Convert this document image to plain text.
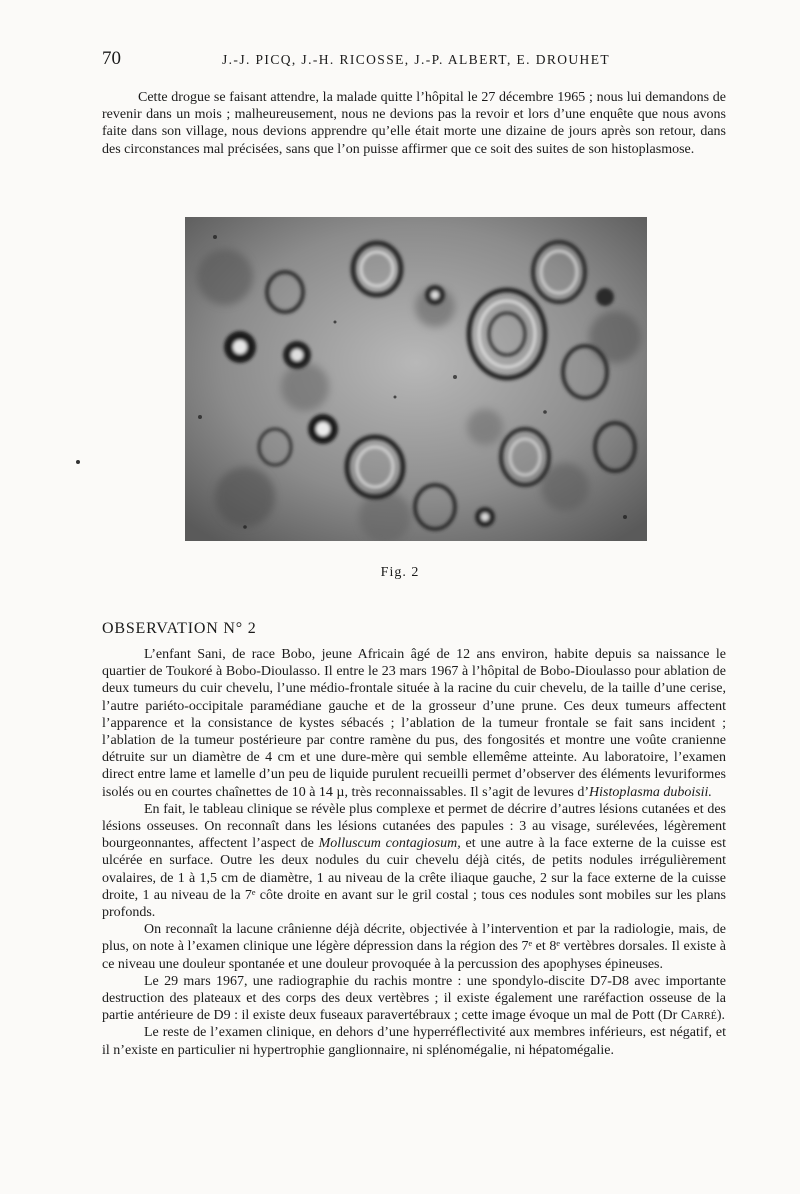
70	J.-J. PICQ, J.-H. RICOSSE, J.-P. ALBERT, E. DROUHET

Cette drogue se faisant attendre, la malade quitte l’hôpital le 27 décembre 1965 ; nous lui demandons de revenir dans un mois ; malheureusement, nous ne devions pas la revoir et lors d’une enquête que nous avons faite dans son village, nous devions apprendre qu’elle était morte une dizaine de jours après son retour, dans des circonstances mal précisées, sans que l’on puisse affirmer que ce soit des suites de son histoplasmose.

Fig. 2
OBSERVATION N° 2

L’enfant Sani, de race Bobo, jeune Africain âgé de 12 ans environ, habite depuis sa naissance le quartier de Toukoré à Bobo-Dioulasso. Il entre le 23 mars 1967 à l’hôpital de Bobo-Dioulasso pour ablation de deux tumeurs du cuir chevelu, l’une médio-frontale située à la racine du cuir chevelu, de la taille d’une cerise, l’autre pariéto-occipitale paramédiane gauche et de la grosseur d’une prune. Ces deux tumeurs affectent l’apparence et la consistance de kystes sébacés ; l’ablation de la tumeur frontale se fait sans incident ; l’ablation de la tumeur postérieure par contre ramène du pus, des fongosités et montre une voûte cranienne détruite sur un diamètre de 4 cm et une dure-mère qui semble ellemême atteinte. Au laboratoire, l’examen direct entre lame et lamelle d’un peu de liquide purulent recueilli permet d’observer des éléments levuriformes isolés ou en courtes chaînettes de 10 à 14 µ, très reconnaissables. Il s’agit de levures d’Histoplasma duboisii.

En fait, le tableau clinique se révèle plus complexe et permet de décrire d’autres lésions cutanées et des lésions osseuses. On reconnaît dans les lésions cutanées des papules : 3 au visage, surélevées, légèrement bourgeonnantes, affectent l’aspect de Molluscum contagiosum, et une autre à la face externe de la cuisse est ulcérée en surface. Outre les deux nodules du cuir chevelu déjà cités, de petits nodules irrégulièrement ovalaires, de 1 à 1,5 cm de diamètre, 1 au niveau de la crête iliaque gauche, 2 sur la face externe de la cuisse droite, 1 au niveau de la 7ᵉ côte droite en avant sur le gril costal ; tous ces nodules sont mobiles sur les plans profonds.

On reconnaît la lacune crânienne déjà décrite, objectivée à l’intervention et par la radiologie, mais, de plus, on note à l’examen clinique une légère dépression dans la région des 7ᵉ et 8ᵉ vertèbres dorsales. Il existe à ce niveau une douleur spontanée et une douleur provoquée à la percussion des apophyses épineuses.

Le 29 mars 1967, une radiographie du rachis montre : une spondylo-discite D7-D8 avec importante destruction des plateaux et des corps des deux vertèbres ; il existe également une raréfaction osseuse de la partie antérieure de D9 : il existe deux fuseaux paravertébraux ; cette image évoque un mal de Pott (Dr Carré).

Le reste de l’examen clinique, en dehors d’une hyperréflectivité aux membres inférieurs, est négatif, et il n’existe en particulier ni hypertrophie ganglionnaire, ni splénomégalie, ni hépatomégalie.
